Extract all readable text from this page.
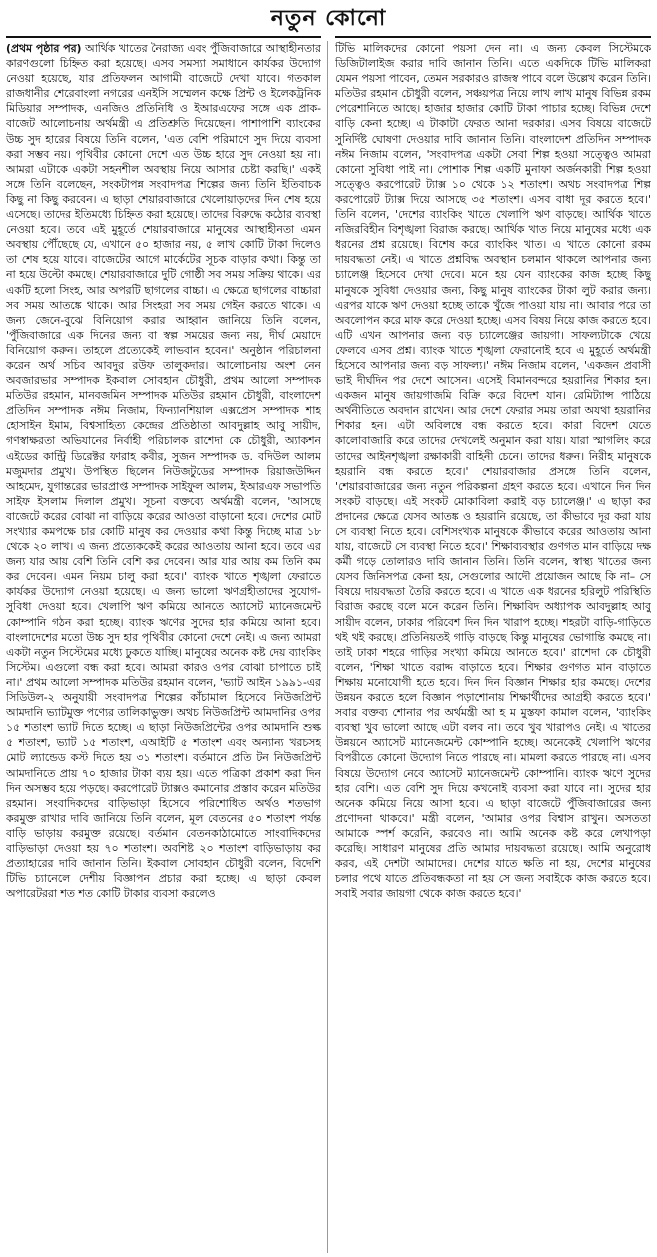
নতুন কোনো

(প্রথম পৃষ্ঠার পর) আর্থিক খাতের নৈরাজ্য এবং পুঁজিবাজারে আস্থাহীনতার কারণগুলো চিহ্নিত করা হয়েছে। এসব সমস্যা সমাধানে কার্যকর উদ্যোগ নেওয়া হয়েছে, যার প্রতিফলন আগামী বাজেটে দেখা যাবে। গতকাল রাজধানীর শেরেবাংলা নগরের এনইসি সম্মেলন কক্ষে প্রিন্ট ও ইলেকট্রনিক মিডিয়ার সম্পাদক, এনজিও প্রতিনিধি ও ইআরএফের সঙ্গে এক প্রাক-বাজেট আলোচনায় অর্থমন্ত্রী এ প্রতিশ্রুতি দিয়েছেন। পাশাপাশি ব্যাংকের উচ্চ সুদ হারের বিষয়ে তিনি বলেন, 'এত বেশি পরিমাণে সুদ দিয়ে ব্যবসা করা সম্ভব নয়। পৃথিবীর কোনো দেশে এত উচ্চ হারে সুদ নেওয়া হয় না। আমরা এটাকে একটা সহনশীল অবস্থায় নিয়ে আসার চেষ্টা করছি।' একই সঙ্গে তিনি বলেছেন, সংকটাপন্ন সংবাদপত্র শিল্পের জন্য তিনি ইতিবাচক কিছু না কিছু করবেন। এ ছাড়া শেয়ারবাজারে খেলোয়াড়দের দিন শেষ হয়ে এসেছে। তাদের ইতিমধ্যে চিহ্নিত করা হয়েছে। তাদের বিরুদ্ধে কঠোর ব্যবস্থা নেওয়া হবে। তবে এই মুহূর্তে শেয়ারবাজারে মানুষের আস্থাহীনতা এমন অবস্থায় পৌঁছেছে যে, এখানে ৫০ হাজার নয়, ৫ লাখ কোটি টাকা দিলেও তা শেষ হয়ে যাবে। বাজেটের আগে মার্কেটের সূচক বাড়ার কথা। কিন্তু তা না হয়ে উল্টো কমছে। শেয়ারবাজারে দুটি গোষ্ঠী সব সময় সক্রিয় থাকে। এর একটি হলো সিংহ, আর অপরটি ছাগলের বাচ্চা। এ ক্ষেত্রে ছাগলের বাচ্চারা সব সময় আতঙ্কে থাকে। আর সিংহরা সব সময় গেইন করতে থাকে। এ জন্য জেনে-বুঝে বিনিয়োগ করার আহ্বান জানিয়ে তিনি বলেন, 'পুঁজিবাজারে এক দিনের জন্য বা স্বল্প সময়ের জন্য নয়, দীর্ঘ মেয়াদে বিনিয়োগ করুন। তাহলে প্রত্যেকেই লাভবান হবেন।' অনুষ্ঠান পরিচালনা করেন অর্থ সচিব আবদুর রউফ তালুকদার। আলোচনায় অংশ নেন অবজারভার সম্পাদক ইকবাল সোবহান চৌধুরী, প্রথম আলো সম্পাদক মতিউর রহমান, মানবজমিন সম্পাদক মতিউর রহমান চৌধুরী, বাংলাদেশ প্রতিদিন সম্পাদক নঈম নিজাম, ফিন্যানশিয়াল এক্সপ্রেস সম্পাদক শাহ হোসাইন ইমাম, বিশ্বসাহিত্য কেন্দ্রের প্রতিষ্ঠাতা আবদুল্লাহ আবু সায়ীদ, গণস্বাক্ষরতা অভিযানের নির্বাহী পরিচালক রাশেদা কে চৌধুরী, অ্যাকশন এইডের কান্ট্রি ডিরেক্টর ফারাহ কবীর, সুজন সম্পাদক ড. বদিউল আলম মজুমদার প্রমুখ। উপস্থিত ছিলেন নিউজটুডের সম্পাদক রিয়াজউদ্দিন আহমেদ, যুগান্তরের ভারপ্রাপ্ত সম্পাদক সাইফুল আলম, ইআরএফ সভাপতি সাইফ ইসলাম দিলাল প্রমুখ। সূচনা বক্তব্যে অর্থমন্ত্রী বলেন, 'আসছে বাজেটে করের বোঝা না বাড়িয়ে করের আওতা বাড়ানো হবে। দেশের মোট সংখ্যার কমপক্ষে চার কোটি মানুষ কর দেওয়ার কথা কিন্তু দিচ্ছে মাত্র ১৮ থেকে ২০ লাখ। এ জন্য প্রত্যেককেই করের আওতায় আনা হবে। তবে এর জন্য যার আয় বেশি তিনি বেশি কর দেবেন। আর যার আয় কম তিনি কম কর দেবেন। এমন নিয়ম চালু করা হবে।' ব্যাংক খাতে শৃঙ্খলা ফেরাতে কার্যকর উদ্যোগ নেওয়া হয়েছে। এ জন্য ভালো ঋণগ্রহীতাদের সুযোগ-সুবিধা দেওয়া হবে। খেলাপি ঋণ কমিয়ে আনতে অ্যাসেট ম্যানেজমেন্ট কোম্পানি গঠন করা হচ্ছে। ব্যাংক ঋণের সুদের হার কমিয়ে আনা হবে। বাংলাদেশের মতো উচ্চ সুদ হার পৃথিবীর কোনো দেশে নেই। এ জন্য আমরা একটা নতুন সিস্টেমের মধ্যে ঢুকতে যাচ্ছি। মানুষের অনেক কষ্ট দেয় ব্যাংকিং সিস্টেম। এগুলো বন্ধ করা হবে। আমরা কারও ওপর বোঝা চাপাতে চাই না।' প্রথম আলো সম্পাদক মতিউর রহমান বলেন, 'ভ্যাট আইন ১৯৯১-এর সিডিউল-২ অনুযায়ী সংবাদপত্র শিল্পের কাঁচামাল হিসেবে নিউজপ্রিন্ট আমদানি ভ্যাটমুক্ত পণ্যের তালিকাভুক্ত। অথচ নিউজপ্রিন্ট আমদানির ওপর ১৫ শতাংশ ভ্যাট দিতে হচ্ছে। এ ছাড়া নিউজপ্রিন্টের ওপর আমদানি শুল্ক ৫ শতাংশ, ভ্যাট ১৫ শতাংশ, এআইটি ৫ শতাংশ এবং অন্যান্য খরচসহ মোট ল্যান্ডেড কস্ট দিতে হয় ৩১ শতাংশ। বর্তমানে প্রতি টন নিউজপ্রিন্ট আমদানিতে প্রায় ৭০ হাজার টাকা ব্যয় হয়। এতে পত্রিকা প্রকাশ করা দিন দিন অসম্ভব হয়ে পড়ছে। করপোরেট ট্যাক্সও কমানোর প্রস্তাব করেন মতিউর রহমান। সংবাদিকদের বাড়িভাড়া হিসেবে পরিশোধিত অর্থও শতভাগ করমুক্ত রাখার দাবি জানিয়ে তিনি বলেন, মূল বেতনের ৫০ শতাংশ পর্যন্ত বাড়ি ভাড়ায় করমুক্ত রয়েছে। বর্তমান বেতনকাঠামোতে সাংবাদিকদের বাড়িভাড়া দেওয়া হয় ৭০ শতাংশ। অবশিষ্ট ২০ শতাংশ বাড়িভাড়ায় কর প্রত্যাহারের দাবি জানান তিনি। ইকবাল সোবহান চৌধুরী বলেন, বিদেশি টিভি চ্যানেলে দেশীয় বিজ্ঞাপন প্রচার করা হচ্ছে। এ ছাড়া কেবল অপারেটররা শত শত কোটি টাকার ব্যবসা করলেও

টিভি মালিকদের কোনো পয়সা দেন না। এ জন্য কেবল সিস্টেমকে ডিজিটালাইজ করার দাবি জানান তিনি। এতে একদিকে টিভি মালিকরা যেমন পয়সা পাবেন, তেমন সরকারও রাজস্ব পাবে বলে উল্লেখ করেন তিনি। মতিউর রহমান চৌধুরী বলেন, সঞ্চয়পত্র নিয়ে লাখ লাখ মানুষ বিভিন্ন রকম পেরেশানিতে আছে। হাজার হাজার কোটি টাকা পাচার হচ্ছে। বিভিন্ন দেশে বাড়ি কেনা হচ্ছে। এ টাকাটা ফেরত আনা দরকার। এসব বিষয়ে বাজেটে সুনির্দিষ্ট ঘোষণা দেওয়ার দাবি জানান তিনি। বাংলাদেশ প্রতিদিন সম্পাদক নঈম নিজাম বলেন, 'সংবাদপত্র একটা সেবা শিল্প হওয়া সত্ত্বেও আমরা কোনো সুবিধা পাই না। পোশাক শিল্প একটি মুনাফা অর্জনকারী শিল্প হওয়া সত্ত্বেও করপোরেট ট্যাক্স ১০ থেকে ১২ শতাংশ। অথচ সংবাদপত্র শিল্প করপোরেট ট্যাক্স দিয়ে আসছে ৩৫ শতাংশ। এসব বাধা দূর করতে হবে।' তিনি বলেন, 'দেশের ব্যাংকিং খাতে খেলাপি ঋণ বাড়ছে। আর্থিক খাতে নজিরবিহীন বিশৃঙ্খলা বিরাজ করছে। আর্থিক খাত নিয়ে মানুষের মধ্যে এক ধরনের প্রশ্ন রয়েছে। বিশেষ করে ব্যাংকিং খাত। এ খাতে কোনো রকম দায়বদ্ধতা নেই। এ খাতে প্রশ্নবিদ্ধ অবস্থান চলমান থাকলে আপনার জন্য চ্যালেঞ্জ হিসেবে দেখা দেবে। মনে হয় যেন ব্যাংকের কাজ হচ্ছে কিছু মানুষকে সুবিধা দেওয়ার জন্য, কিছু মানুষ ব্যাংকের টাকা লুট করার জন্য। এরপর যাকে ঋণ দেওয়া হচ্ছে তাকে খুঁজে পাওয়া যায় না। আবার পরে তা অবলোপন করে মাফ করে দেওয়া হচ্ছে। এসব বিষয় নিয়ে কাজ করতে হবে। এটি এখন আপনার জন্য বড় চ্যালেঞ্জের জায়গা। সাফল্যটাকে খেয়ে ফেলবে এসব প্রশ্ন। ব্যাংক খাতে শৃঙ্খলা ফেরানোই হবে এ মুহূর্তে অর্থমন্ত্রী হিসেবে আপনার জন্য বড় সাফল্য।' নঈম নিজাম বলেন, 'একজন প্রবাসী ভাই দীর্ঘদিন পর দেশে আসেন। এসেই বিমানবন্দরে হয়রানির শিকার হন। একজন মানুষ জায়গাজমি বিক্রি করে বিদেশ যান। রেমিট্যান্স পাঠিয়ে অর্থনীতিতে অবদান রাখেন। আর দেশে ফেরার সময় তারা অযথা হয়রানির শিকার হন। এটা অবিলম্বে বন্ধ করতে হবে। কারা বিদেশ যেতে কালোবাজারি করে তাদের দেখলেই অনুমান করা যায়। যারা স্মাগলিং করে তাদের আইনশৃঙ্খলা রক্ষাকারী বাহিনী চেনে। তাদের ধরুন। নিরীহ মানুষকে হয়রানি বন্ধ করতে হবে।' শেয়ারবাজার প্রসঙ্গে তিনি বলেন, 'শেয়ারবাজারের জন্য নতুন পরিকল্পনা গ্রহণ করতে হবে। এখানে দিন দিন সংকট বাড়ছে। এই সংকট মোকাবিলা করাই বড় চ্যালেঞ্জ।' এ ছাড়া কর প্রদানের ক্ষেত্রে যেসব আতঙ্ক ও হয়রানি রয়েছে, তা কীভাবে দূর করা যায় সে ব্যবস্থা নিতে হবে। বেশিসংখ্যক মানুষকে কীভাবে করের আওতায় আনা যায়, বাজেটে সে ব্যবস্থা নিতে হবে।' শিক্ষাব্যবস্থার গুণগত মান বাড়িয়ে দক্ষ কর্মী গড়ে তোলারও দাবি জানান তিনি। তিনি বলেন, স্বাস্থ্য খাতের জন্য যেসব জিনিসপত্র কেনা হয়, সেগুলোর আদৌ প্রয়োজন আছে কি না– সে বিষয়ে দায়বদ্ধতা তৈরি করতে হবে। এ খাতে এক ধরনের হরিলুট পরিস্থিতি বিরাজ করছে বলে মনে করেন তিনি। শিক্ষাবিদ অধ্যাপক আবদুল্লাহ আবু সায়ীদ বলেন, ঢাকার পরিবেশ দিন দিন খারাপ হচ্ছে। শহরটা বাড়ি-গাড়িতে থই থই করছে। প্রতিনিয়তই গাড়ি বাড়ছে কিন্তু মানুষের ভোগান্তি কমছে না। তাই ঢাকা শহরে গাড়ির সংখ্যা কমিয়ে আনতে হবে।' রাশেদা কে চৌধুরী বলেন, 'শিক্ষা খাতে বরাদ্দ বাড়াতে হবে। শিক্ষার গুণগত মান বাড়াতে শিক্ষায় মনোযোগী হতে হবে। দিন দিন বিজ্ঞান শিক্ষার হার কমছে। দেশের উন্নয়ন করতে হলে বিজ্ঞান পড়াশোনায় শিক্ষার্থীদের আগ্রহী করতে হবে।' সবার বক্তব্য শোনার পর অর্থমন্ত্রী আ হ ম মুস্তফা কামাল বলেন, 'ব্যাংকিং ব্যবস্থা খুব ভালো আছে এটা বলব না। তবে খুব খারাপও নেই। এ খাতের উন্নয়নে অ্যাসেট ম্যানেজমেন্ট কোম্পানি হচ্ছে। অনেকেই খেলাপি ঋণের বিপরীতে কোনো উদ্যোগ নিতে পারছে না। মামলা করতে পারছে না। এসব বিষয়ে উদ্যোগ নেবে অ্যাসেট ম্যানেজমেন্ট কোম্পানি। ব্যাংক ঋণে সুদের হার বেশি। এত বেশি সুদ দিয়ে কখনোই ব্যবসা করা যাবে না। সুদের হার অনেক কমিয়ে নিয়ে আসা হবে। এ ছাড়া বাজেটে পুঁজিবাজারের জন্য প্রণোদনা থাকবে।' মন্ত্রী বলেন, 'আমার ওপর বিশ্বাস রাখুন। অসততা আমাকে স্পর্শ করেনি, করবেও না। আমি অনেক কষ্ট করে লেখাপড়া করেছি। সাধারণ মানুষের প্রতি আমার দায়বদ্ধতা রয়েছে। আমি অনুরোধ করব, এই দেশটা আমাদের। দেশের যাতে ক্ষতি না হয়, দেশের মানুষের চলার পথে যাতে প্রতিবন্ধকতা না হয় সে জন্য সবাইকে কাজ করতে হবে। সবাই সবার জায়গা থেকে কাজ করতে হবে।'
